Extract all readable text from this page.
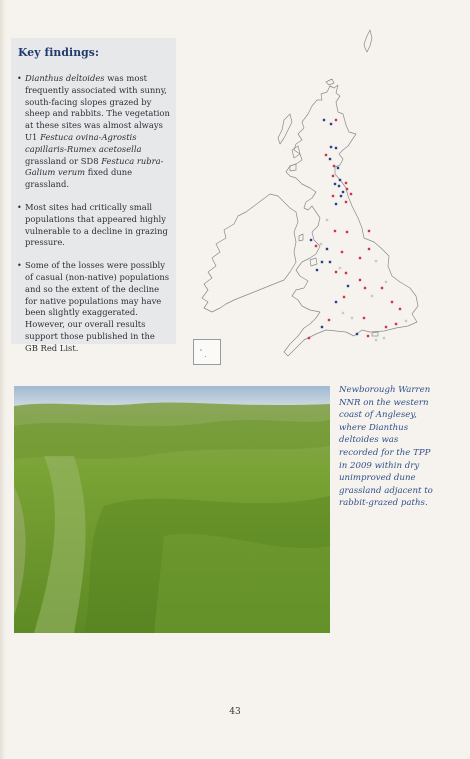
Key findings:
• Dianthus deltoides was most frequently associated with sunny, south-facing slopes grazed by sheep and rabbits. The vegetation at these sites was almost always U1 Festuca ovina-Agrostis capillaris-Rumex acetosella grassland or SD8 Festuca rubra-Galium verum fixed dune grassland.
• Most sites had critically small populations that appeared highly vulnerable to a decline in grazing pressure.
• Some of the losses were possibly of casual (non-native) populations and so the extent of the decline for native populations may have been slightly exaggerated. However, our overall results support those published in the GB Red List.
Newborough Warren NNR on the western coast of Anglesey, where Dianthus deltoides was recorded for the TPP in 2009 within dry unimproved dune grassland adjacent to rabbit-grazed paths.
43
